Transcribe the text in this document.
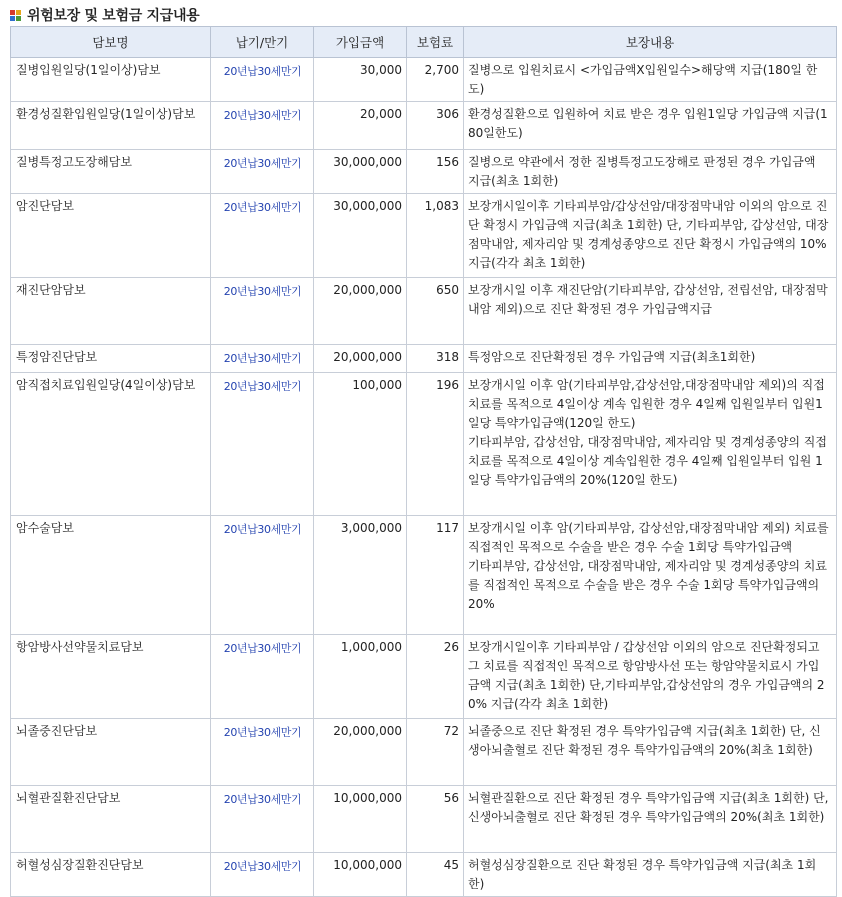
위험보장 및 보험금 지급내용
담보명	납기/만기	가입금액	보험료	보장내용
질병입원일당(1일이상)담보	20년납30세만기	30,000	2,700	질병으로 입원치료시 <가입금액X입원일수>해당액 지급(180일 한도)
환경성질환입원일당(1일이상)담보	20년납30세만기	20,000	306	환경성질환으로 입원하여 치료 받은 경우 입원1일당 가입금액 지급(180일한도)
질병특정고도장해담보	20년납30세만기	30,000,000	156	질병으로 약관에서 정한 질병특정고도장해로 판정된 경우 가입금액 지급(최초 1회한)
암진단담보	20년납30세만기	30,000,000	1,083	보장개시일이후 기타피부암/갑상선암/대장점막내암 이외의 암으로 진단 확정시 가입금액 지급(최초 1회한) 단, 기타피부암, 갑상선암, 대장점막내암, 제자리암 및 경계성종양으로 진단 확정시 가입금액의 10% 지급(각각 최초 1회한)
재진단암담보	20년납30세만기	20,000,000	650	보장개시일 이후 재진단암(기타피부암, 갑상선암, 전립선암, 대장점막내암 제외)으로 진단 확정된 경우 가입금액지급
특정암진단담보	20년납30세만기	20,000,000	318	특정암으로 진단확정된 경우 가입금액 지급(최초1회한)
암직접치료입원일당(4일이상)담보	20년납30세만기	100,000	196	보장개시일 이후 암(기타피부암,갑상선암,대장점막내암 제외)의 직접치료를 목적으로 4일이상 계속 입원한 경우 4일째 입원일부터 입원1일당 특약가입금액(120일 한도)
기타피부암, 갑상선암, 대장점막내암, 제자리암 및 경계성종양의 직접치료를 목적으로 4일이상 계속입원한 경우 4일째 입원일부터 입원 1일당 특약가입금액의 20%(120일 한도)
암수술담보	20년납30세만기	3,000,000	117	보장개시일 이후 암(기타피부암, 갑상선암,대장점막내암 제외) 치료를 직접적인 목적으로 수술을 받은 경우 수술 1회당 특약가입금액
기타피부암, 갑상선암, 대장점막내암, 제자리암 및 경계성종양의 치료를 직접적인 목적으로 수술을 받은 경우 수술 1회당 특약가입금액의 20%
항암방사선약물치료담보	20년납30세만기	1,000,000	26	보장개시일이후 기타피부암 / 갑상선암 이외의 암으로 진단확정되고 그 치료를 직접적인 목적으로 항암방사선 또는 항암약물치료시 가입금액 지급(최초 1회한) 단,기타피부암,갑상선암의 경우 가입금액의 20% 지급(각각 최초 1회한)
뇌졸중진단담보	20년납30세만기	20,000,000	72	뇌졸중으로 진단 확정된 경우 특약가입금액 지급(최초 1회한) 단, 신생아뇌출혈로 진단 확정된 경우 특약가입금액의 20%(최초 1회한)
뇌혈관질환진단담보	20년납30세만기	10,000,000	56	뇌혈관질환으로 진단 확정된 경우 특약가입금액 지급(최초 1회한) 단, 신생아뇌출혈로 진단 확정된 경우 특약가입금액의 20%(최초 1회한)
허혈성심장질환진단담보	20년납30세만기	10,000,000	45	허혈성심장질환으로 진단 확정된 경우 특약가입금액 지급(최초 1회한)
